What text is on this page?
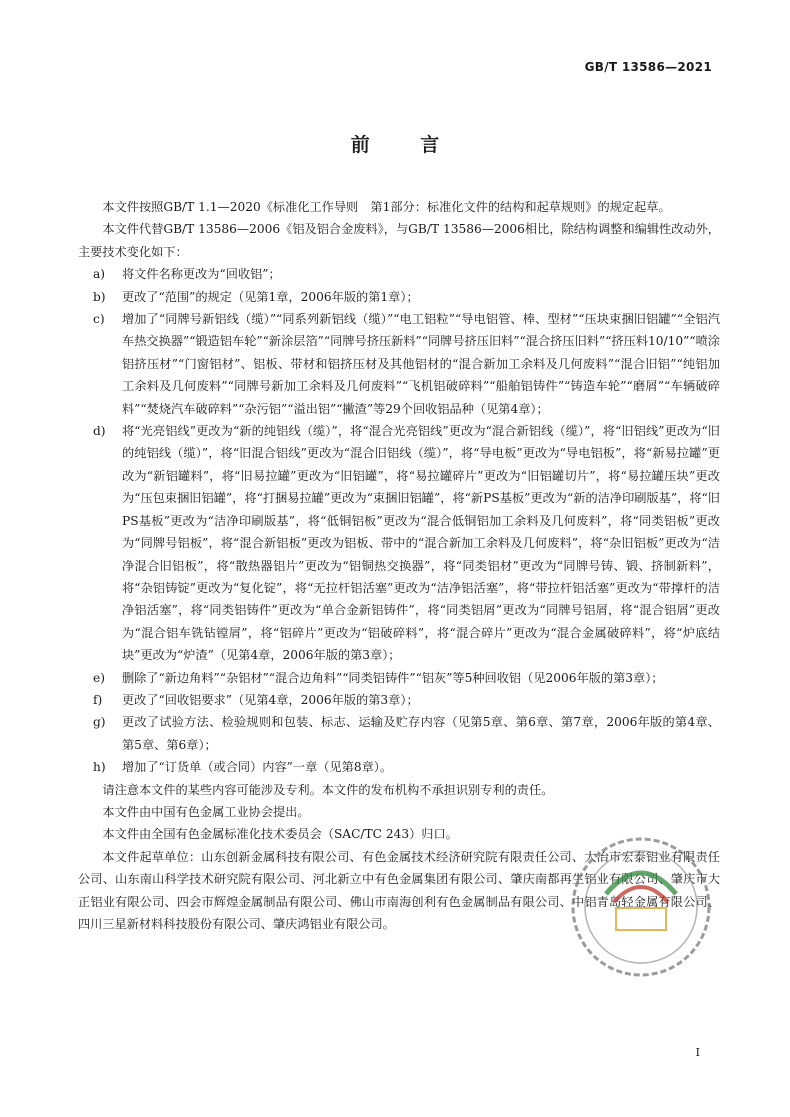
GB/T 13586—2021
前 言

本文件按照GB/T 1.1—2020《标准化工作导则　第1部分：标准化文件的结构和起草规则》的规定起草。

本文件代替GB/T 13586—2006《铝及铝合金废料》，与GB/T 13586—2006相比，除结构调整和编辑性改动外，主要技术变化如下：

a) 将文件名称更改为“回收铝”；
b) 更改了“范围”的规定（见第1章，2006年版的第1章）；
c) 增加了“同牌号新铝线（缆）”“同系列新铝线（缆）”“电工铝粒”“导电铝管、棒、型材”“压块束捆旧铝罐”“全铝汽车热交换器”“锻造铝车轮”“新涂层箔”“同牌号挤压新料”“同牌号挤压旧料”“混合挤压旧料”“挤压料10/10”“喷涂铝挤压材”“门窗铝材”、铝板、带材和铝挤压材及其他铝材的“混合新加工余料及几何废料”“混合旧铝”“纯铝加工余料及几何废料”“同牌号新加工余料及几何废料”“飞机铝破碎料”“船舶铝铸件”“铸造车轮”“磨屑”“车辆破碎料”“焚烧汽车破碎料”“杂污铝”“溢出铝”“撇渣”等29个回收铝品种（见第4章）；
d) 将“光亮铝线”更改为“新的纯铝线（缆）”，将“混合光亮铝线”更改为“混合新铝线（缆）”，将“旧铝线”更改为“旧的纯铝线（缆）”，将“旧混合铝线”更改为“混合旧铝线（缆）”，将“导电板”更改为“导电铝板”，将“新易拉罐”更改为“新铝罐料”，将“旧易拉罐”更改为“旧铝罐”，将“易拉罐碎片”更改为“旧铝罐切片”，将“易拉罐压块”更改为“压包束捆旧铝罐”，将“打捆易拉罐”更改为“束捆旧铝罐”，将“新PS基板”更改为“新的洁净印刷版基”，将“旧PS基板”更改为“洁净印刷版基”，将“低铜铝板”更改为“混合低铜铝加工余料及几何废料”，将“同类铝板”更改为“同牌号铝板”，将“混合新铝板”更改为铝板、带中的“混合新加工余料及几何废料”，将“杂旧铝板”更改为“洁净混合旧铝板”，将“散热器铝片”更改为“铝铜热交换器”，将“同类铝材”更改为“同牌号铸、锻、挤制新料”，将“杂铝铸锭”更改为“复化锭”，将“无拉杆铝活塞”更改为“洁净铝活塞”，将“带拉杆铝活塞”更改为“带撑杆的洁净铝活塞”，将“同类铝铸件”更改为“单合金新铝铸件”，将“同类铝屑”更改为“同牌号铝屑，将“混合铝屑”更改为“混合铝车铣钻镗屑”，将“铝碎片”更改为“铝破碎料”，将“混合碎片”更改为“混合金属破碎料”，将“炉底结块”更改为“炉渣”（见第4章，2006年版的第3章）；
e) 删除了“新边角料”“杂铝材”“混合边角料”“同类铝铸件”“铝灰”等5种回收铝（见2006年版的第3章）；
f) 更改了“回收铝要求”（见第4章，2006年版的第3章）；
g) 更改了试验方法、检验规则和包装、标志、运输及贮存内容（见第5章、第6章、第7章，2006年版的第4章、第5章、第6章）；
h) 增加了“订货单（或合同）内容”一章（见第8章）。

请注意本文件的某些内容可能涉及专利。本文件的发布机构不承担识别专利的责任。

本文件由中国有色金属工业协会提出。

本文件由全国有色金属标准化技术委员会（SAC/TC 243）归口。

本文件起草单位：山东创新金属科技有限公司、有色金属技术经济研究院有限责任公司、大冶市宏泰铝业有限责任公司、山东南山科学技术研究院有限公司、河北新立中有色金属集团有限公司、肇庆南都再生铝业有限公司、肇庆市大正铝业有限公司、四会市辉煌金属制品有限公司、佛山市南海创利有色金属制品有限公司、中铝青岛轻金属有限公司、四川三星新材料科技股份有限公司、肇庆鸿铝业有限公司。

I
